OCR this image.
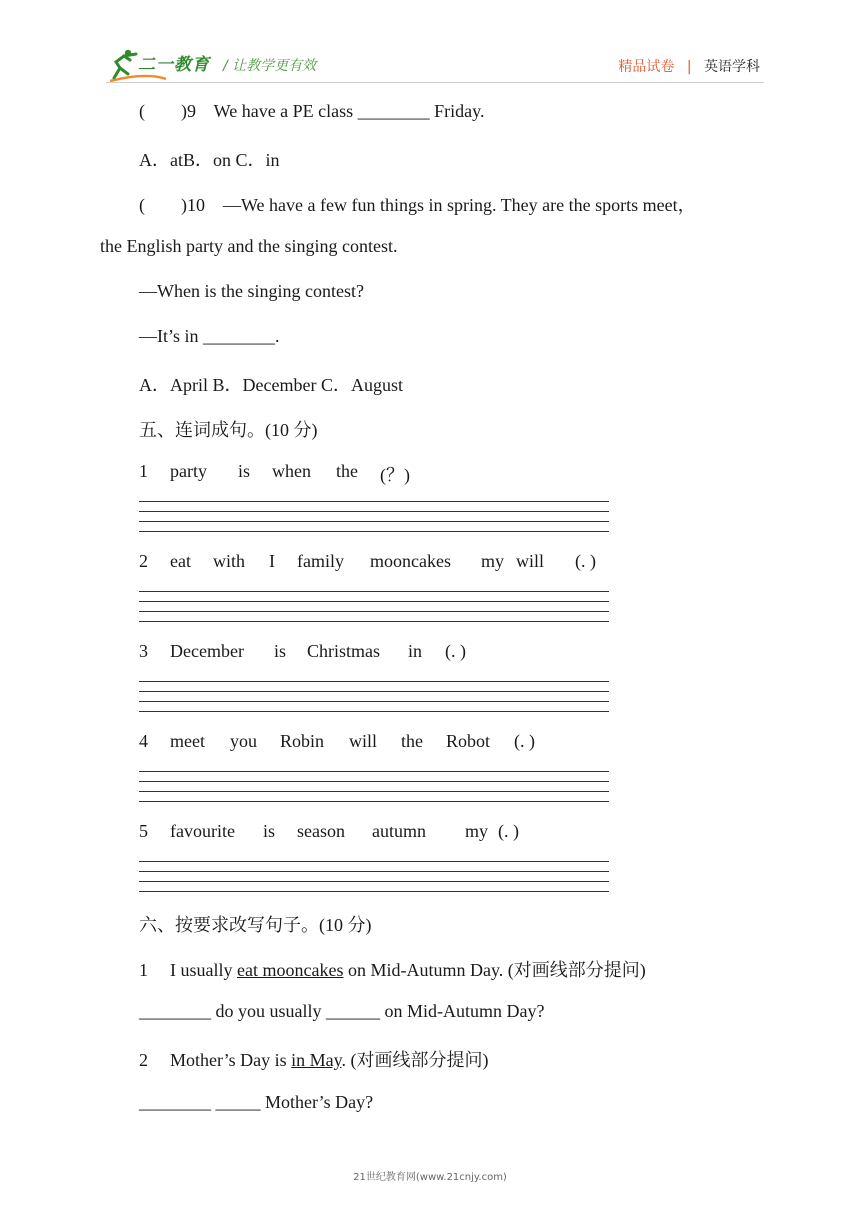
二一教育 / 让教学更有效	精品试卷 | 英语学科
(        )9    We have a PE class ________ Friday.
A．atB．on C．in
(        )10    —We have a few fun things in spring. They are the sports meet，
the English party and the singing contest.
—When is the singing contest?
—It’s in ________.
A．April B．December C．August
五、连词成句。(10 分)
1	party	is	when	the	(？)
2	eat	with	I	family	mooncakes	my will	(. )
3	December	is	Christmas	in	(. )
4	meet	you	Robin	will	the	Robot	(. )
5	favourite	is	season	autumn	my (. )
六、按要求改写句子。(10 分)
1 I usually eat mooncakes on Mid-Autumn Day. (对画线部分提问)
________ do you usually ______ on Mid-Autumn Day?
2 Mother’s Day is in May. (对画线部分提问)
________ _____ Mother’s Day?
21世纪教育网(www.21cnjy.com)
